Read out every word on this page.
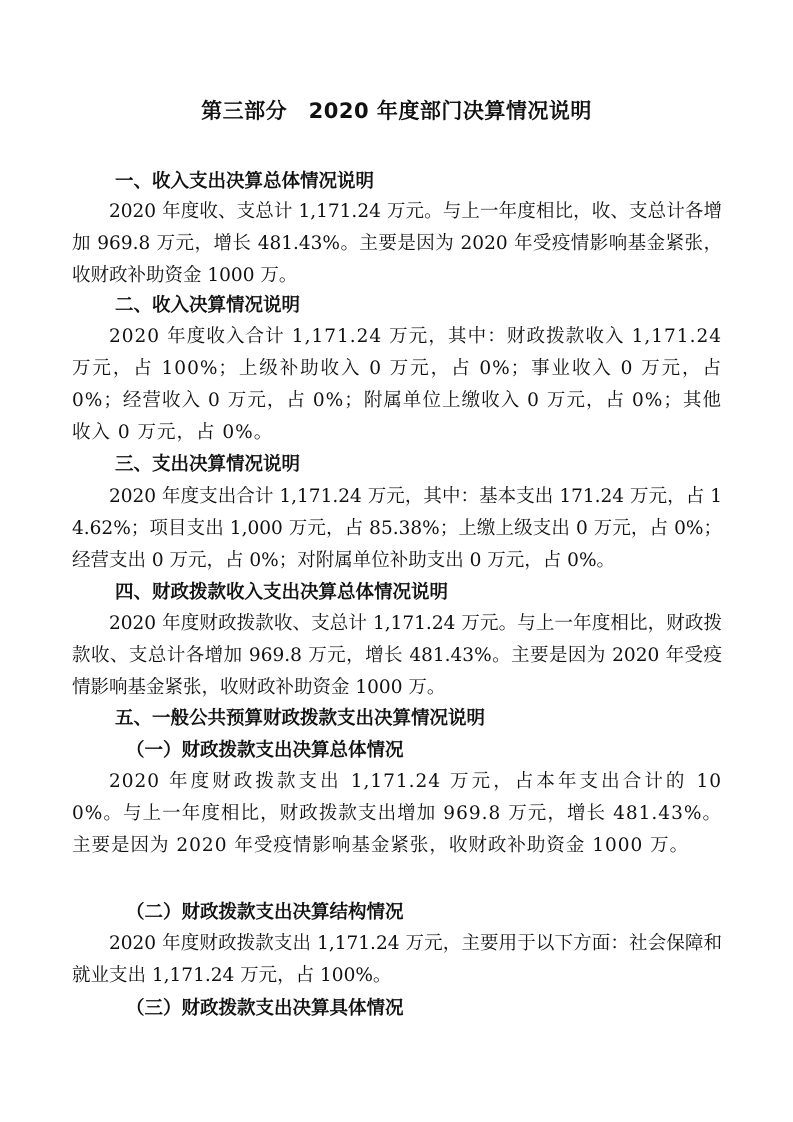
第三部分　2020 年度部门决算情况说明
一、收入支出决算总体情况说明
2020 年度收、支总计 1,171.24 万元。与上一年度相比，收、支总计各增加 969.8 万元，增长 481.43%。主要是因为 2020 年受疫情影响基金紧张，收财政补助资金 1000 万。
二、收入决算情况说明
2020 年度收入合计 1,171.24 万元，其中：财政拨款收入 1,171.24 万元，占 100%；上级补助收入 0 万元，占 0%；事业收入 0 万元，占 0%；经营收入 0 万元，占 0%；附属单位上缴收入 0 万元，占 0%；其他收入 0 万元，占 0%。
三、支出决算情况说明
2020 年度支出合计 1,171.24 万元，其中：基本支出 171.24 万元，占 14.62%；项目支出 1,000 万元，占 85.38%；上缴上级支出 0 万元，占 0%；经营支出 0 万元，占 0%；对附属单位补助支出 0 万元，占 0%。
四、财政拨款收入支出决算总体情况说明
2020 年度财政拨款收、支总计 1,171.24 万元。与上一年度相比，财政拨款收、支总计各增加 969.8 万元，增长 481.43%。主要是因为 2020 年受疫情影响基金紧张，收财政补助资金 1000 万。
五、一般公共预算财政拨款支出决算情况说明
（一）财政拨款支出决算总体情况
2020 年度财政拨款支出 1,171.24 万元，占本年支出合计的 100%。与上一年度相比，财政拨款支出增加 969.8 万元，增长 481.43%。主要是因为 2020 年受疫情影响基金紧张，收财政补助资金 1000 万。
（二）财政拨款支出决算结构情况
2020 年度财政拨款支出 1,171.24 万元，主要用于以下方面：社会保障和就业支出 1,171.24 万元，占 100%。
（三）财政拨款支出决算具体情况
